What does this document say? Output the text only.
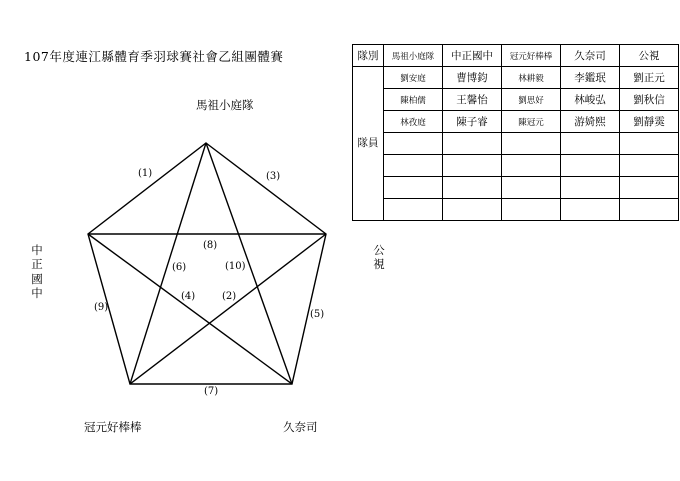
107年度連江縣體育季羽球賽社會乙組團體賽
馬祖小庭隊
中正國中
公視
冠元好棒棒	久奈司
(1)
(2)
(3)
(4)
(5)
(6)
(7)
(8)
(9)
(10)
隊別	馬祖小庭隊	中正國中	冠元好棒棒	久奈司	公視
隊員	劉安庭	曹博鈞	林耕毅	李鑑珉	劉正元
	陳柏儒	王馨怡	劉思好	林峻弘	劉秋信
	林孜庭	陳子睿	陳冠元	游婍熙	劉靜霙
